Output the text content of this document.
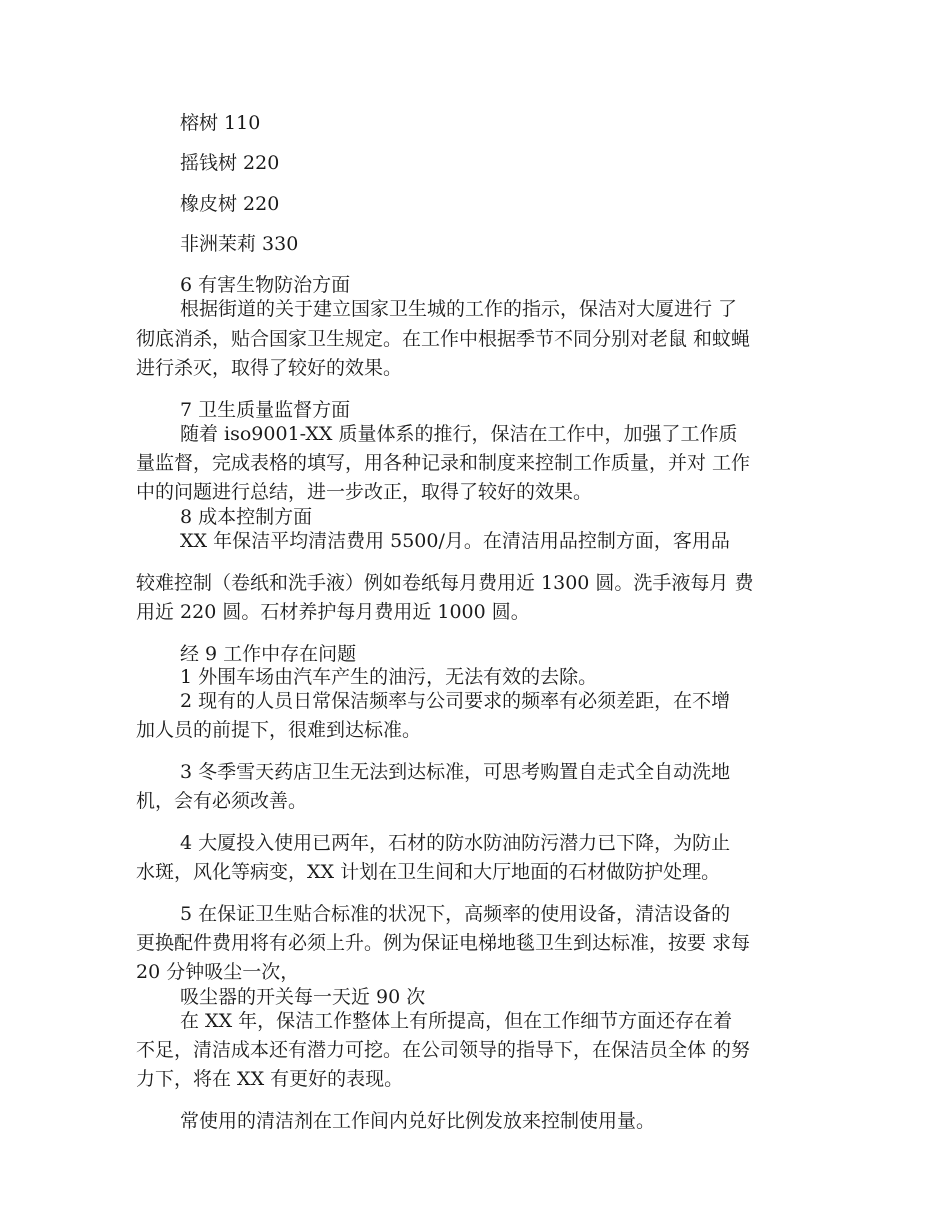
榕树 110
摇钱树 220
橡皮树 220
非洲茉莉 330
6 有害生物防治方面
根据街道的关于建立国家卫生城的工作的指示，保洁对大厦进行 了
彻底消杀，贴合国家卫生规定。在工作中根据季节不同分别对老鼠 和蚊蝇
进行杀灭，取得了较好的效果。
7 卫生质量监督方面
随着 iso9001-XX 质量体系的推行，保洁在工作中，加强了工作质
量监督，完成表格的填写，用各种记录和制度来控制工作质量，并对 工作
中的问题进行总结，进一步改正，取得了较好的效果。
8 成本控制方面
XX 年保洁平均清洁费用 5500/月。在清洁用品控制方面，客用品
较难控制（卷纸和洗手液）例如卷纸每月费用近 1300 圆。洗手液每月 费
用近 220 圆。石材养护每月费用近 1000 圆。
经 9 工作中存在问题
1 外围车场由汽车产生的油污，无法有效的去除。
2 现有的人员日常保洁频率与公司要求的频率有必须差距，在不增
加人员的前提下，很难到达标准。
3 冬季雪天药店卫生无法到达标准，可思考购置自走式全自动洗地
机，会有必须改善。
4 大厦投入使用已两年，石材的防水防油防污潜力已下降，为防止
水斑，风化等病变，XX 计划在卫生间和大厅地面的石材做防护处理。
5 在保证卫生贴合标准的状况下，高频率的使用设备，清洁设备的
更换配件费用将有必须上升。例为保证电梯地毯卫生到达标准，按要 求每
20 分钟吸尘一次，
吸尘器的开关每一天近 90 次
在 XX 年，保洁工作整体上有所提高，但在工作细节方面还存在着
不足，清洁成本还有潜力可挖。在公司领导的指导下，在保洁员全体 的努
力下，将在 XX 有更好的表现。
常使用的清洁剂在工作间内兑好比例发放来控制使用量。
